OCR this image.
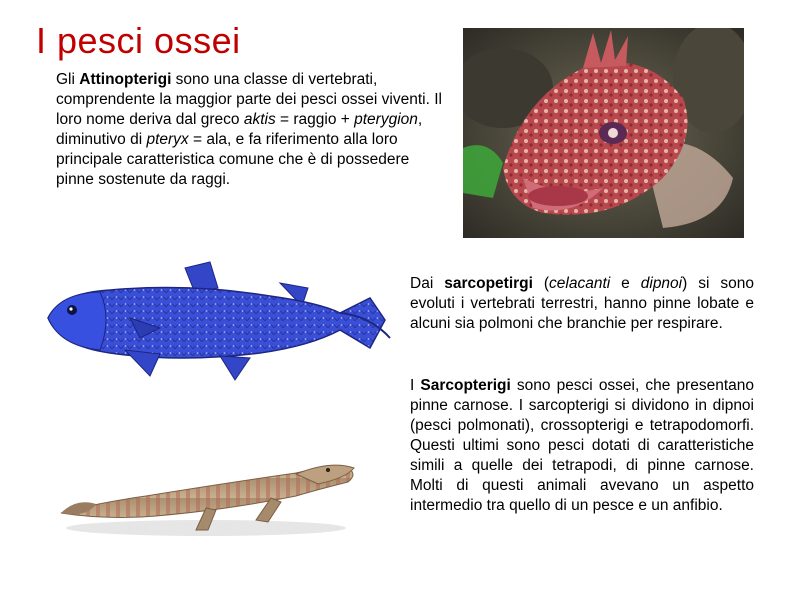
I pesci ossei
Gli Attinopterigi sono una classe di vertebrati, comprendente la maggior parte dei pesci ossei viventi. Il loro nome deriva dal greco aktis = raggio + pterygion, diminutivo di pteryx = ala, e fa riferimento alla loro principale caratteristica comune che è di possedere pinne sostenute da raggi.
Dai sarcopetirgi (celacanti e dipnoi) si sono evoluti i vertebrati terrestri, hanno pinne lobate e alcuni sia polmoni che branchie per respirare.
I Sarcopterigi sono pesci ossei, che presentano pinne carnose. I sarcopterigi si dividono in dipnoi (pesci polmonati), crossopterigi e tetrapodomorfi. Questi ultimi sono pesci dotati di caratteristiche simili a quelle dei tetrapodi, di pinne carnose. Molti di questi animali avevano un aspetto intermedio tra quello di un pesce e un anfibio.
